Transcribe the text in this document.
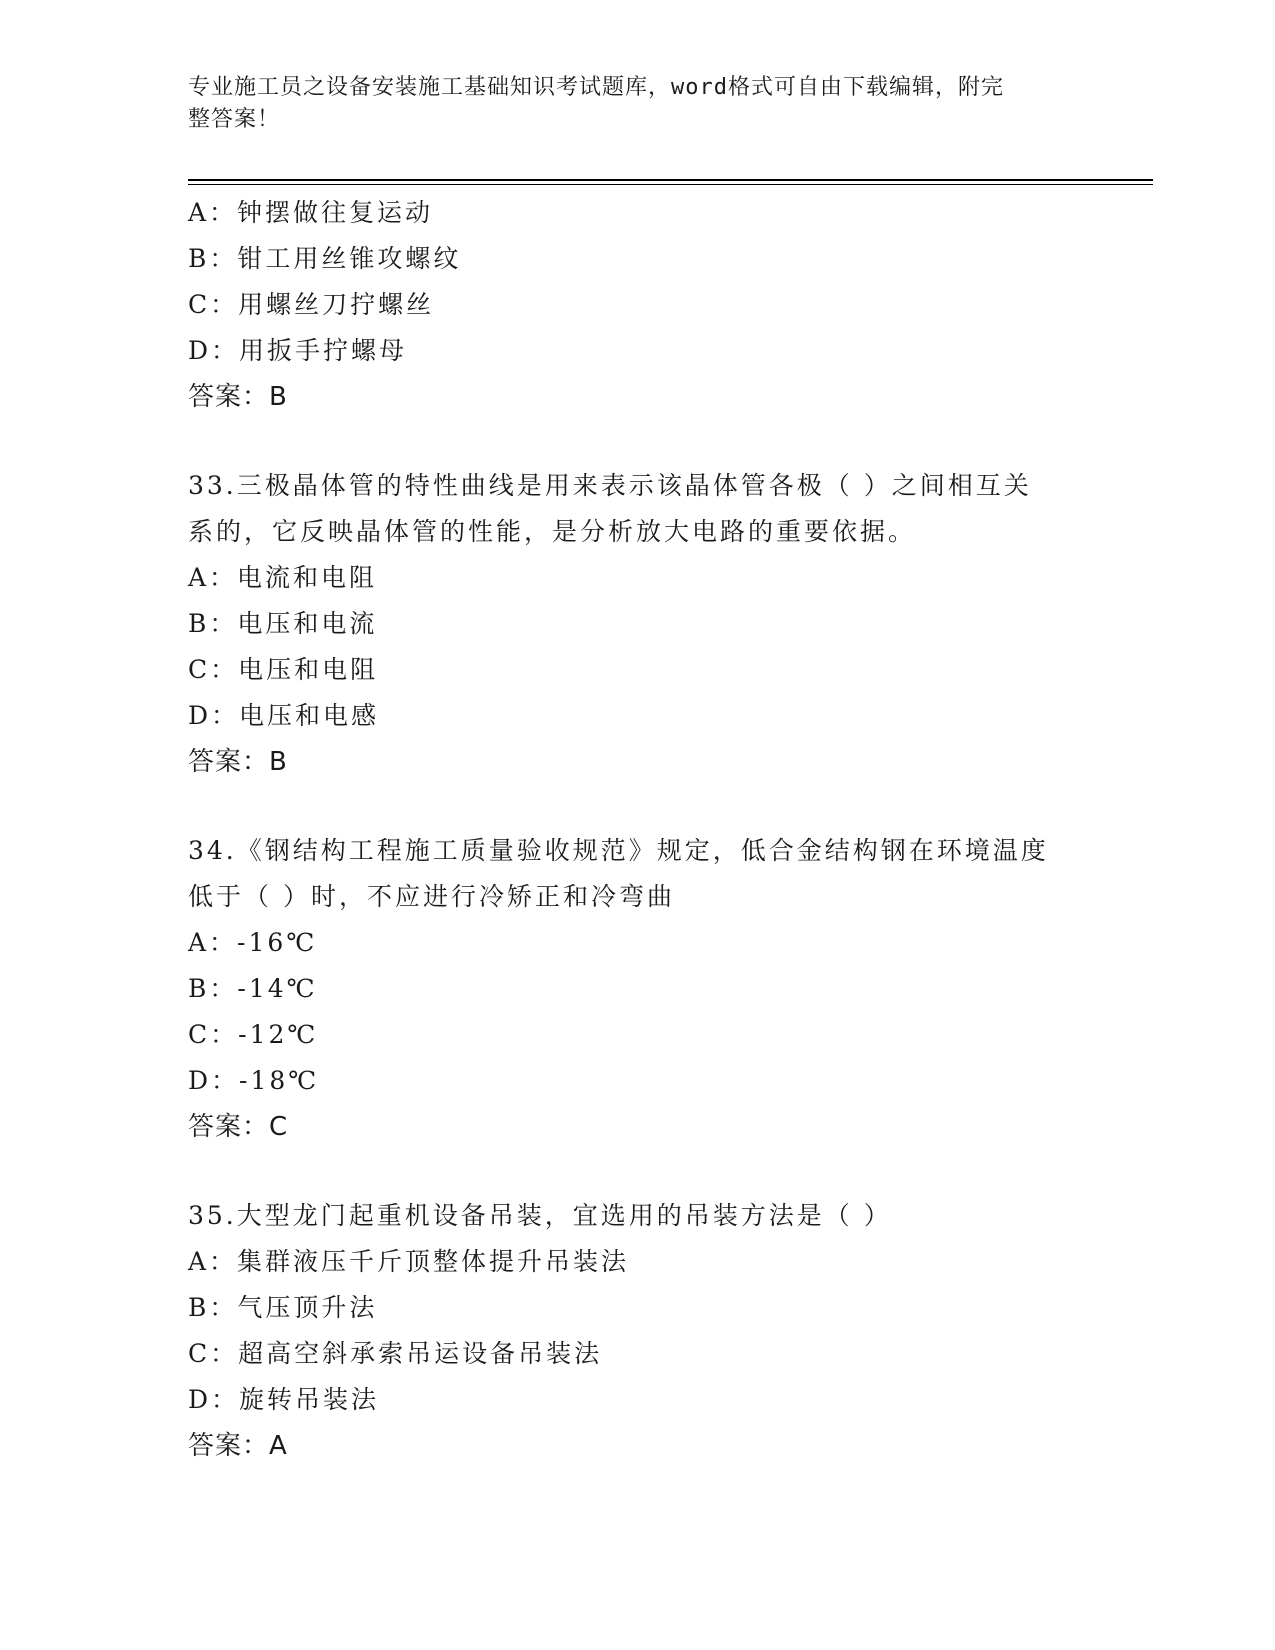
专业施工员之设备安装施工基础知识考试题库，word格式可自由下载编辑，附完
整答案！
A：钟摆做往复运动
B：钳工用丝锥攻螺纹
C：用螺丝刀拧螺丝
D：用扳手拧螺母
答案：B
33.三极晶体管的特性曲线是用来表示该晶体管各极（ ）之间相互关
系的，它反映晶体管的性能，是分析放大电路的重要依据。
A：电流和电阻
B：电压和电流
C：电压和电阻
D：电压和电感
答案：B
34.《钢结构工程施工质量验收规范》规定，低合金结构钢在环境温度
低于（ ）时，不应进行冷矫正和冷弯曲
A：-16℃
B：-14℃
C：-12℃
D：-18℃
答案：C
35.大型龙门起重机设备吊装，宜选用的吊装方法是（ ）
A：集群液压千斤顶整体提升吊装法
B：气压顶升法
C：超高空斜承索吊运设备吊装法
D：旋转吊装法
答案：A
